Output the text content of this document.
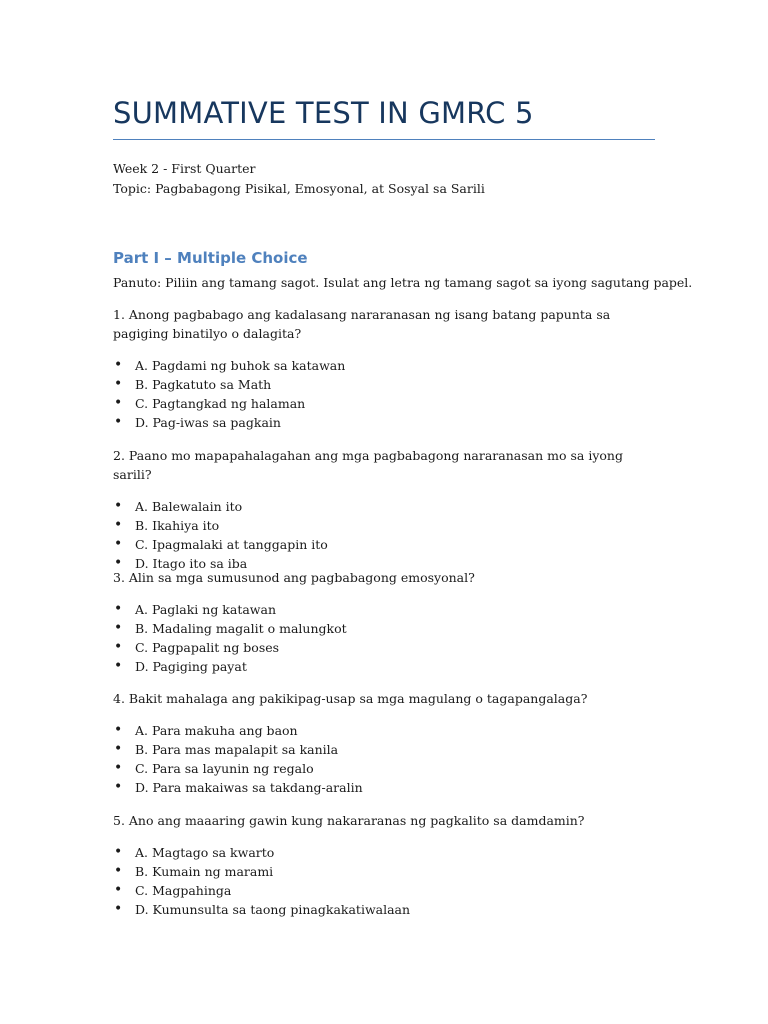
SUMMATIVE TEST IN GMRC 5
Week 2 - First Quarter
Topic: Pagbabagong Pisikal, Emosyonal, at Sosyal sa Sarili
Part I – Multiple Choice
Panuto: Piliin ang tamang sagot. Isulat ang letra ng tamang sagot sa iyong sagutang papel.

1. Anong pagbabago ang kadalasang nararanasan ng isang batang papunta sa pagiging binatilyo o dalagita?

• A. Pagdami ng buhok sa katawan
• B. Pagkatuto sa Math
• C. Pagtangkad ng halaman
• D. Pag-iwas sa pagkain

2. Paano mo mapapahalagahan ang mga pagbabagong nararanasan mo sa iyong sarili?

• A. Balewalain ito
• B. Ikahiya ito
• C. Ipagmalaki at tanggapin ito
• D. Itago ito sa iba

3. Alin sa mga sumusunod ang pagbabagong emosyonal?

• A. Paglaki ng katawan
• B. Madaling magalit o malungkot
• C. Pagpapalit ng boses
• D. Pagiging payat

4. Bakit mahalaga ang pakikipag-usap sa mga magulang o tagapangalaga?

• A. Para makuha ang baon
• B. Para mas mapalapit sa kanila
• C. Para sa layunin ng regalo
• D. Para makaiwas sa takdang-aralin

5. Ano ang maaaring gawin kung nakararanas ng pagkalito sa damdamin?

• A. Magtago sa kwarto
• B. Kumain ng marami
• C. Magpahinga
• D. Kumunsulta sa taong pinagkakatiwalaan
